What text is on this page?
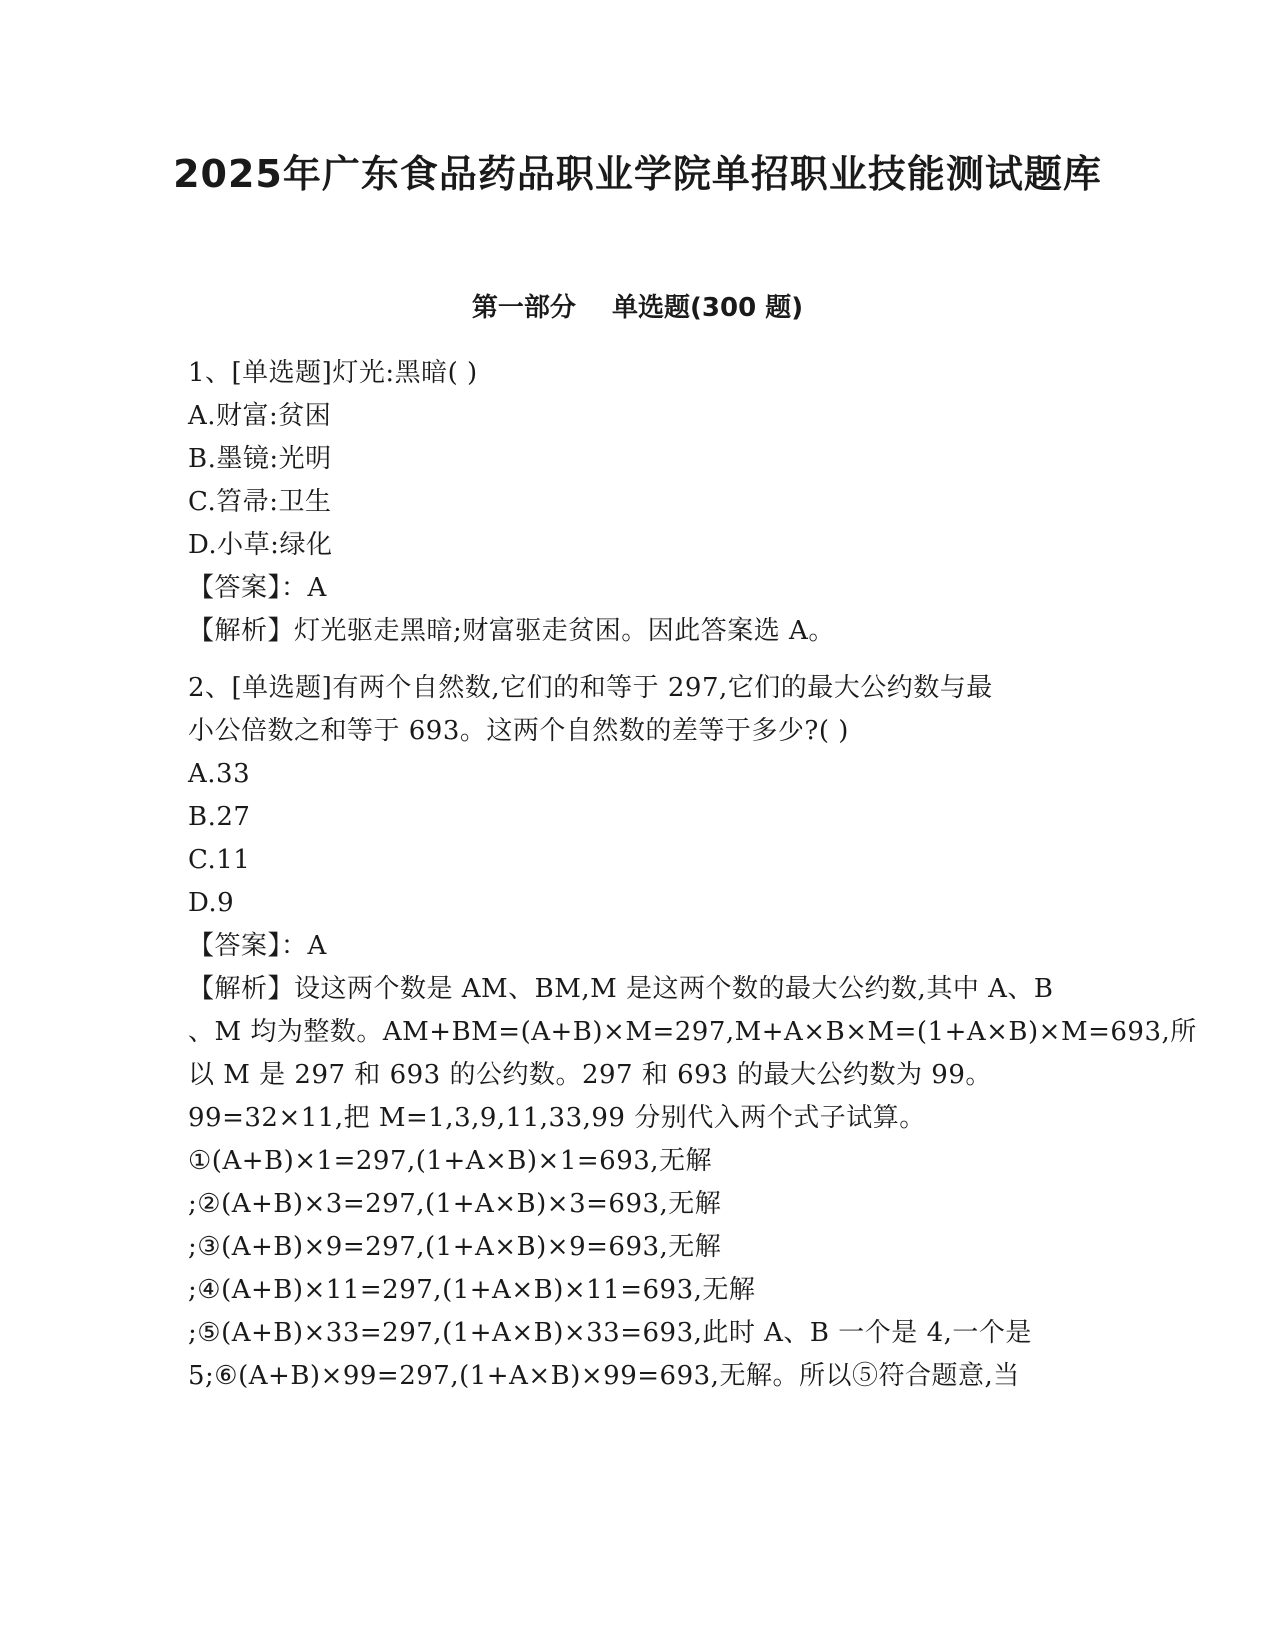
2025年广东食品药品职业学院单招职业技能测试题库
第一部分    单选题(300 题)

1、[单选题]灯光:黑暗( )

A.财富:贫困

B.墨镜:光明

C.笤帚:卫生

D.小草:绿化

【答案】：A

【解析】灯光驱走黑暗;财富驱走贫困。因此答案选 A。

2、[单选题]有两个自然数,它们的和等于 297,它们的最大公约数与最

小公倍数之和等于 693。这两个自然数的差等于多少?( )

A.33

B.27

C.11

D.9

【答案】：A

【解析】设这两个数是 AM、BM,M 是这两个数的最大公约数,其中 A、B

、M 均为整数。AM+BM=(A+B)×M=297,M+A×B×M=(1+A×B)×M=693,所

以 M 是 297 和 693 的公约数。297 和 693 的最大公约数为 99。

99=32×11,把 M=1,3,9,11,33,99 分别代入两个式子试算。

①(A+B)×1=297,(1+A×B)×1=693,无解

;②(A+B)×3=297,(1+A×B)×3=693,无解

;③(A+B)×9=297,(1+A×B)×9=693,无解

;④(A+B)×11=297,(1+A×B)×11=693,无解

;⑤(A+B)×33=297,(1+A×B)×33=693,此时 A、B 一个是 4,一个是

5;⑥(A+B)×99=297,(1+A×B)×99=693,无解。所以⑤符合题意,当
